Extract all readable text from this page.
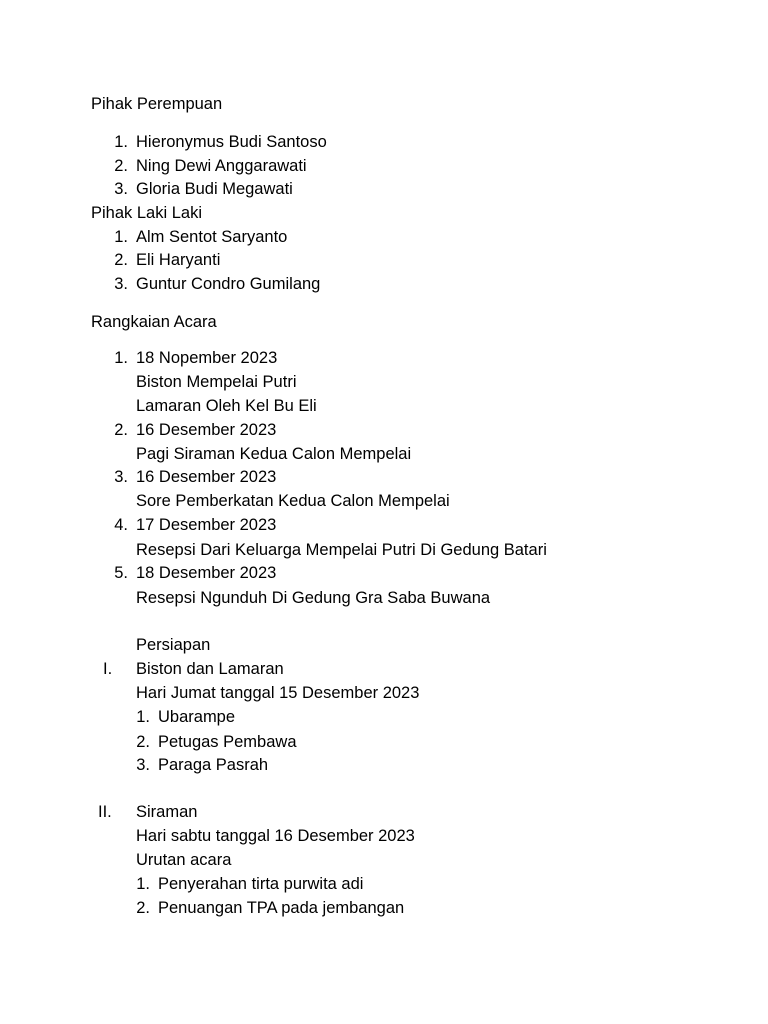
Pihak Perempuan
1. Hieronymus Budi Santoso
2. Ning Dewi Anggarawati
3. Gloria Budi Megawati
Pihak Laki Laki
1. Alm Sentot Saryanto
2. Eli Haryanti
3. Guntur Condro Gumilang
Rangkaian Acara
1. 18 Nopember 2023
Biston Mempelai Putri
Lamaran Oleh Kel Bu Eli
2. 16 Desember 2023
Pagi Siraman Kedua Calon Mempelai
3. 16 Desember 2023
Sore Pemberkatan Kedua Calon Mempelai
4. 17 Desember 2023
Resepsi Dari Keluarga Mempelai Putri Di Gedung Batari
5. 18 Desember 2023
Resepsi Ngunduh Di Gedung Gra Saba Buwana
Persiapan
I. Biston dan Lamaran
Hari Jumat tanggal 15 Desember 2023
1. Ubarampe
2. Petugas Pembawa
3. Paraga Pasrah
II. Siraman
Hari sabtu tanggal 16 Desember 2023
Urutan acara
1. Penyerahan tirta purwita adi
2. Penuangan TPA pada jembangan
